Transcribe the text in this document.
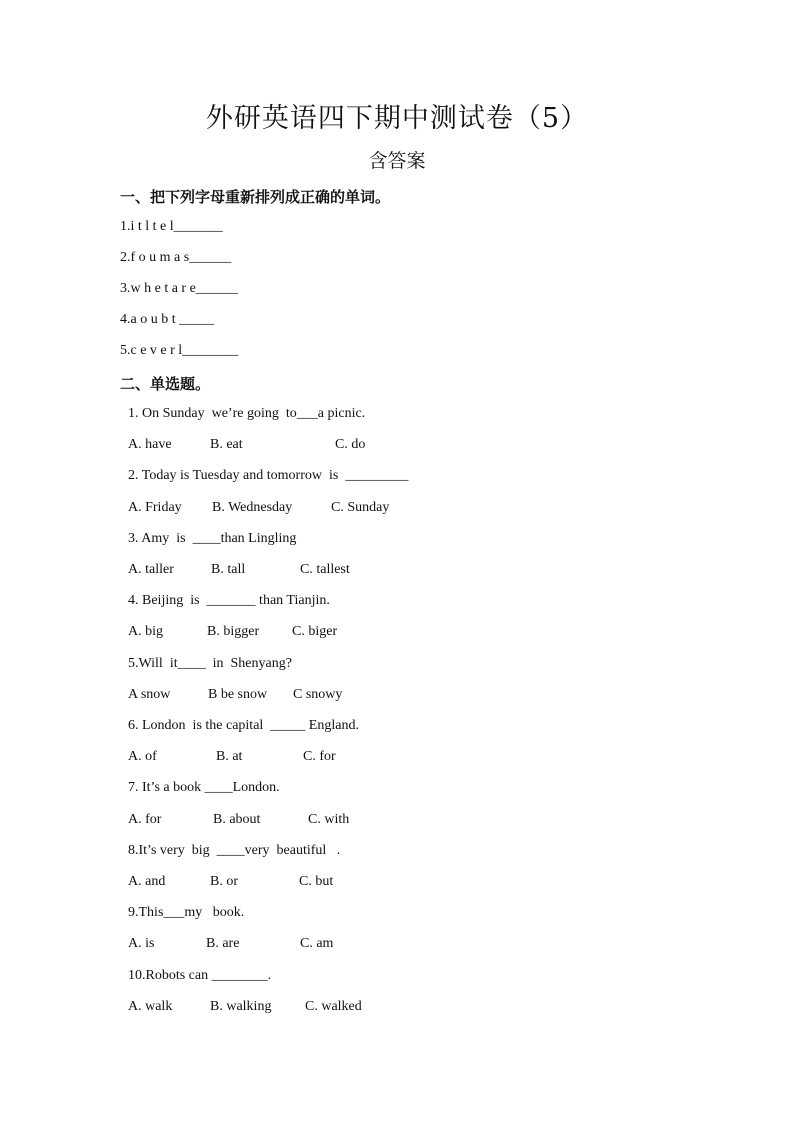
外研英语四下期中测试卷（5）
含答案
一、把下列字母重新排列成正确的单词。
1.i t l t e l_______
2.f o u m a s______
3.w h e t a r e______
4.a o u b t _____
5.c e v e r l________
二、单选题。
1. On Sunday  we’re going  to___a picnic.
A. have	B. eat	C. do
2. Today is Tuesday and tomorrow  is  _________
A. Friday B. Wednesday	C. Sunday
3. Amy  is  ____than Lingling
A. taller	B. tall	C. tallest
4. Beijing  is  _______ than Tianjin.
A. big	B. bigger C. biger
5.Will  it____  in  Shenyang?
A snow	B be snow C snowy
6. London  is the capital  _____ England.
A. of	B. at	C. for
7. It’s a book ____London.
A. for	B. about	C. with
8.It’s very  big  ____very  beautiful   .
A. and	B. or	C. but
9.This___my   book.
A. is	B. are	C. am
10.Robots can ________.
A. walk	B. walking C. walked
